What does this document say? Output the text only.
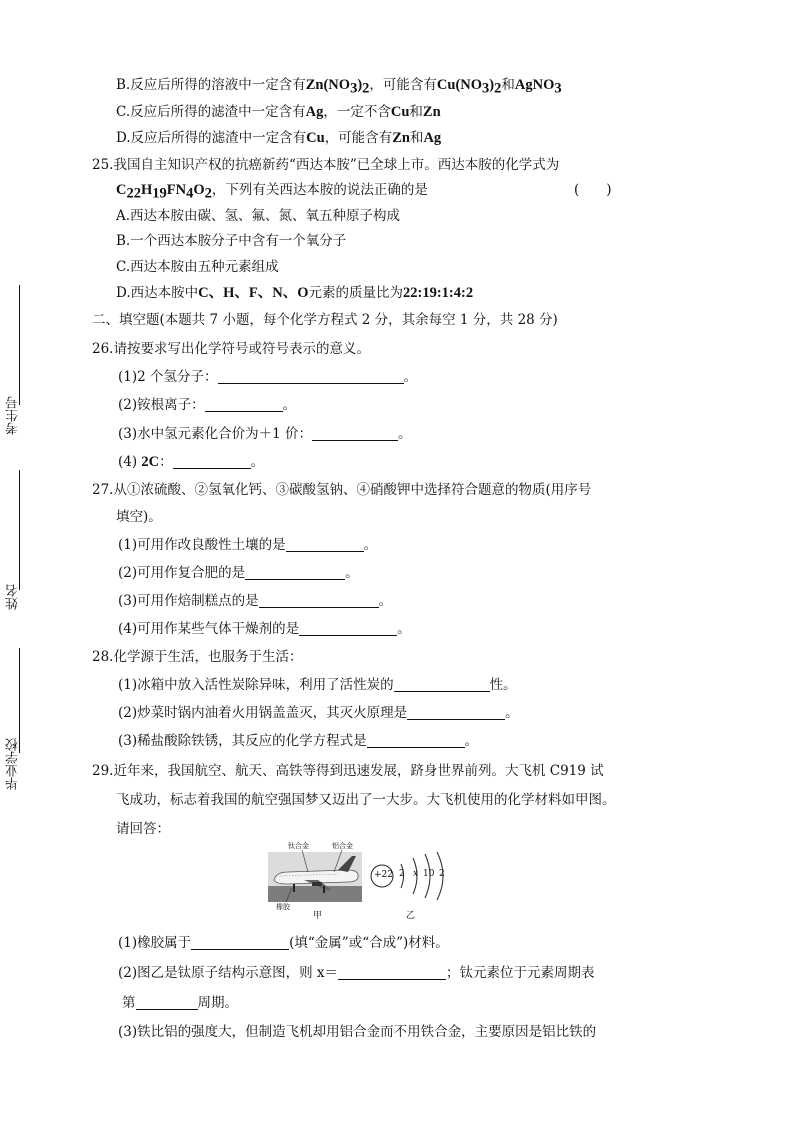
考生号
姓名
毕业学校
B.反应后所得的溶液中一定含有$Zn(NO_3)_2$，可能含有$Cu(NO_3)_2$和AgNO$_3$
C.反应后所得的滤渣中一定含有Ag，一定不含Cu和Zn
D.反应后所得的滤渣中一定含有Cu，可能含有Zn和Ag
25.我国自主知识产权的抗癌新药“西达本胺”已全球上市。西达本胺的化学式为
$C_{22}H_{19}FN_4O_2$，下列有关西达本胺的说法正确的是	(　　)
A.西达本胺由碳、氢、氟、氮、氧五种原子构成
B.一个西达本胺分子中含有一个氧分子
C.西达本胺由五种元素组成
D.西达本胺中C、H、F、N、O元素的质量比为22:19:1:4:2
二、填空题(本题共 7 小题，每个化学方程式 2 分，其余每空 1 分，共 28 分)
26.请按要求写出化学符号或符号表示的意义。
(1)2 个氢分子：	。
(2)铵根离子：	。
(3)水中氢元素化合价为＋1 价：	。
(4) 2C：	。
27.从①浓硫酸、②氢氧化钙、③碳酸氢钠、④硝酸钾中选择符合题意的物质(用序号
填空)。
(1)可用作改良酸性土壤的是	。
(2)可用作复合肥的是	。
(3)可用作焙制糕点的是	。
(4)可用作某些气体干燥剂的是	。
28.化学源于生活，也服务于生活：
(1)冰箱中放入活性炭除异味，利用了活性炭的	性。
(2)炒菜时锅内油着火用锅盖盖灭，其灭火原理是	。
(3)稀盐酸除铁锈，其反应的化学方程式是	。
29.近年来，我国航空、航天、高铁等得到迅速发展，跻身世界前列。大飞机 C919 试
飞成功，标志着我国的航空强国梦又迈出了一大步。大飞机使用的化学材料如甲图。
请回答：
钛合金	铝合金
橡胶
甲	乙
+22 2 x 10 2
(1)橡胶属于	(填“金属”或“合成”)材料。
(2)图乙是钛原子结构示意图，则 x＝	；钛元素位于元素周期表
第	周期。
(3)铁比铝的强度大，但制造飞机却用铝合金而不用铁合金，主要原因是铝比铁的
